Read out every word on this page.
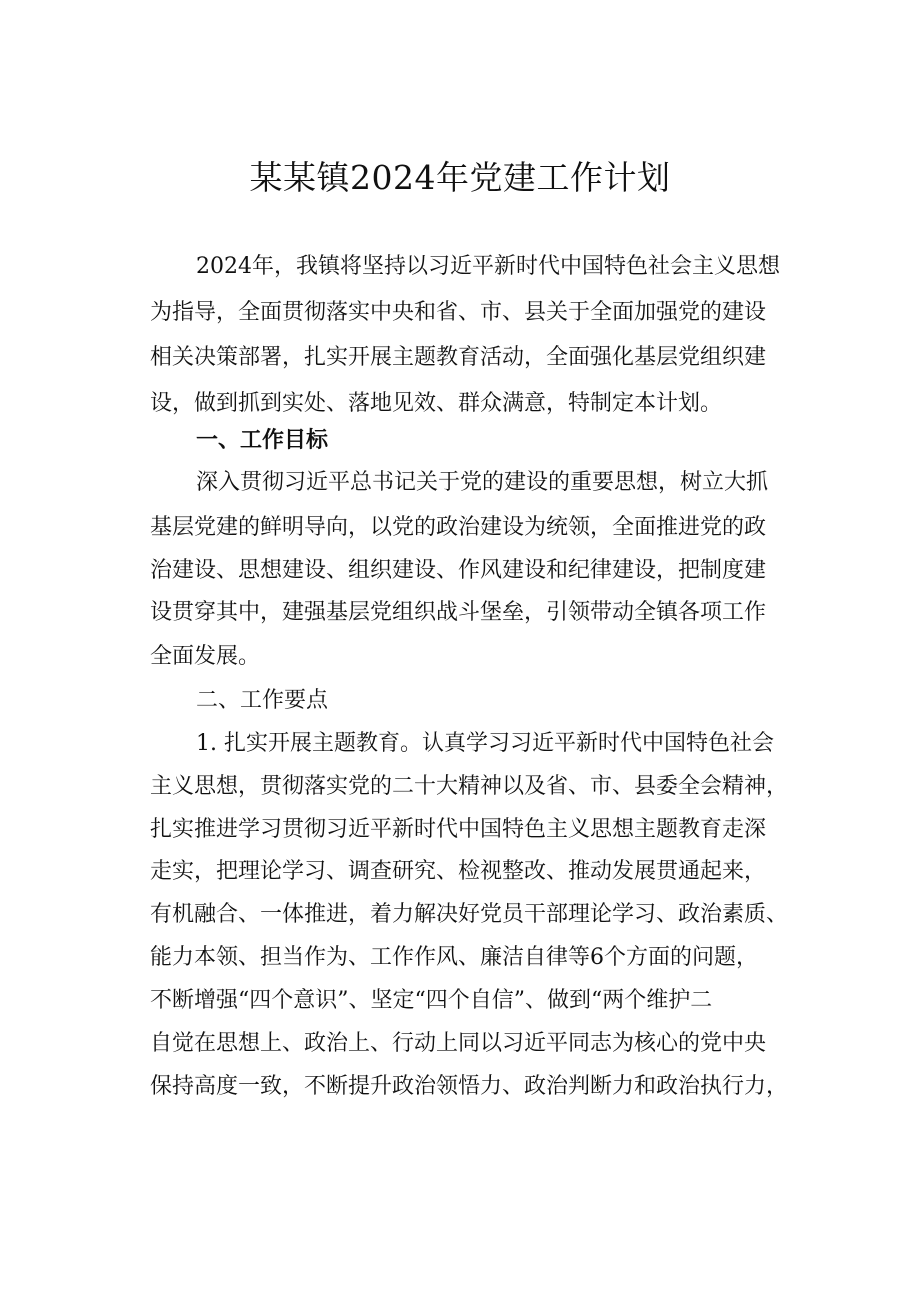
某某镇2024年党建工作计划

2024年，我镇将坚持以习近平新时代中国特色社会主义思想

为指导，全面贯彻落实中央和省、市、县关于全面加强党的建设

相关决策部署，扎实开展主题教育活动，全面强化基层党组织建

设，做到抓到实处、落地见效、群众满意，特制定本计划。

一、工作目标

深入贯彻习近平总书记关于党的建设的重要思想，树立大抓

基层党建的鲜明导向，以党的政治建设为统领，全面推进党的政

治建设、思想建设、组织建设、作风建设和纪律建设，把制度建

设贯穿其中，建强基层党组织战斗堡垒，引领带动全镇各项工作

全面发展。

二、工作要点

1. 扎实开展主题教育。认真学习习近平新时代中国特色社会

主义思想，贯彻落实党的二十大精神以及省、市、县委全会精神，

扎实推进学习贯彻习近平新时代中国特色主义思想主题教育走深

走实，把理论学习、调查研究、检视整改、推动发展贯通起来，

有机融合、一体推进，着力解决好党员干部理论学习、政治素质、

能力本领、担当作为、工作作风、廉洁自律等6个方面的问题，

不断增强“四个意识”、坚定“四个自信”、做到“两个维护二

自觉在思想上、政治上、行动上同以习近平同志为核心的党中央

保持高度一致，不断提升政治领悟力、政治判断力和政治执行力，
